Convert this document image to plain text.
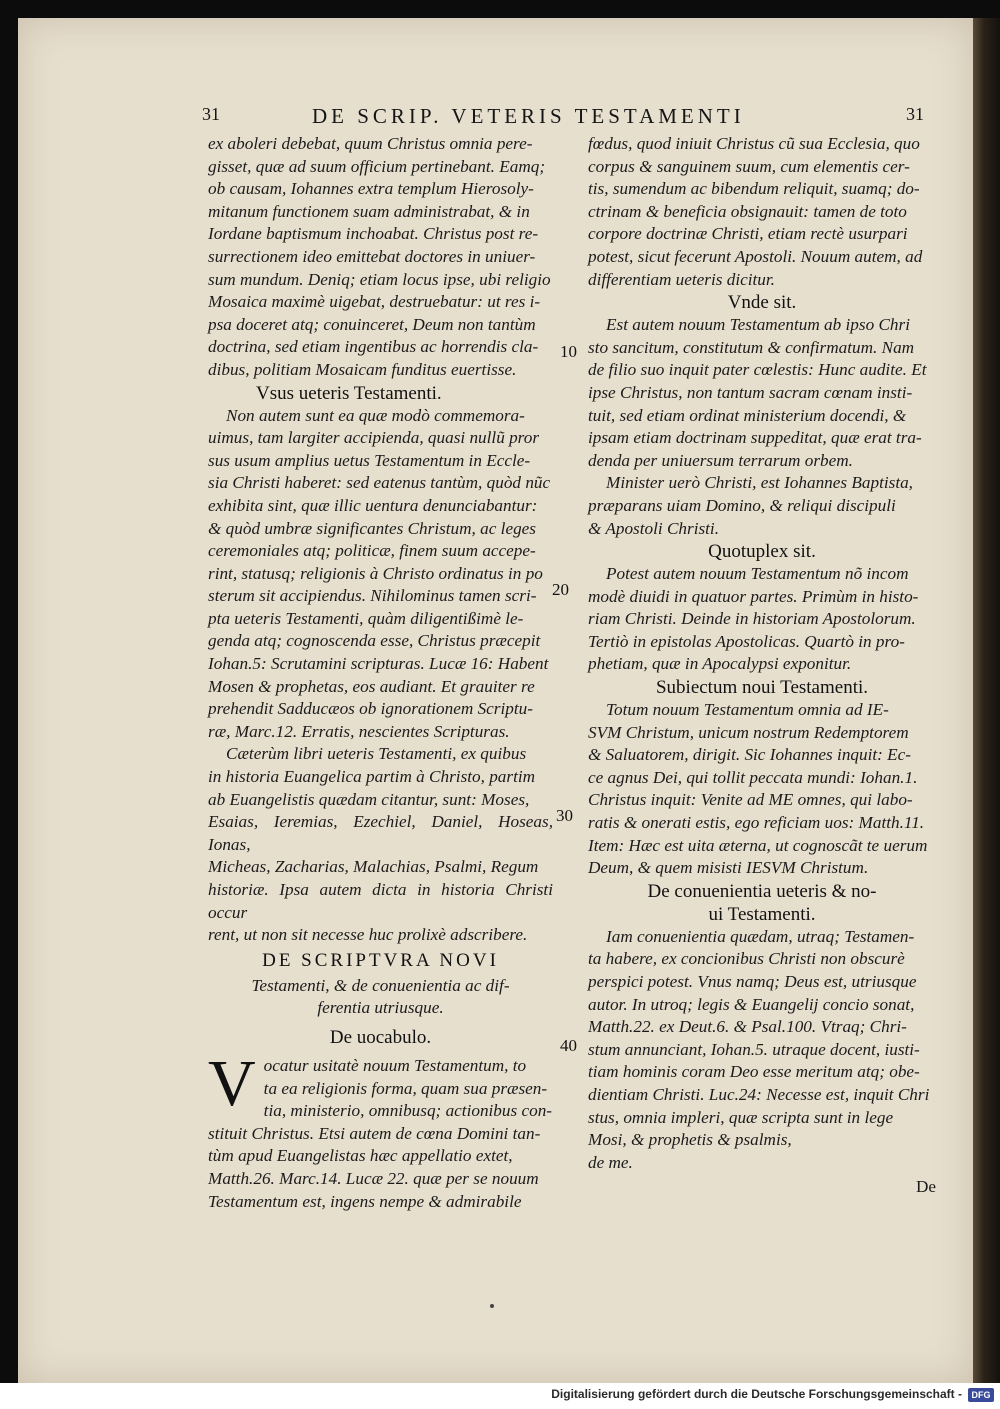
31	DE SCRIP. VETERIS TESTAMENTI	31

ex aboleri debebat, quum Christus omnia pere-
gisset, quæ ad suum officium pertinebant. Eamq;
ob causam, Iohannes extra templum Hierosoly-
mitanum functionem suam administrabat, & in
Iordane baptismum inchoabat. Christus post re-
surrectionem ideo emittebat doctores in uniuer-
sum mundum. Deniq; etiam locus ipse, ubi religio
Mosaica maximè uigebat, destruebatur: ut res i-
psa doceret atq; conuinceret, Deum non tantùm
doctrina, sed etiam ingentibus ac horrendis cla-
dibus, politiam Mosaicam funditus euertisse.

Vsus ueteris Testamenti.

Non autem sunt ea quæ modò commemora-
uimus, tam largiter accipienda, quasi nullũ pror
sus usum amplius uetus Testamentum in Eccle-
sia Christi haberet: sed eatenus tantùm, quòd nũc
exhibita sint, quæ illic uentura denunciabantur:
& quòd umbræ significantes Christum, ac leges
ceremoniales atq; politicæ, finem suum accepe-
rint, statusq; religionis à Christo ordinatus in po
sterum sit accipiendus. Nihilominus tamen scri-
pta ueteris Testamenti, quàm diligentißimè le-
genda atq; cognoscenda esse, Christus præcepit
Iohan.5: Scrutamini scripturas. Lucæ 16: Habent
Mosen & prophetas, eos audiant. Et grauiter re
prehendit Sadducæos ob ignorationem Scriptu-
ræ, Marc.12. Erratis, nescientes Scripturas.

Cæterùm libri ueteris Testamenti, ex quibus
in historia Euangelica partim à Christo, partim
ab Euangelistis quædam citantur, sunt: Moses,
Esaias, Ieremias, Ezechiel, Daniel, Hoseas, Ionas,
Micheas, Zacharias, Malachias, Psalmi, Regum
historiæ. Ipsa autem dicta in historia Christi occur
rent, ut non sit necesse huc prolixè adscribere.

DE SCRIPTVRA NOVI

Testamenti, & de conuenientia ac dif-
ferentia utriusque.

De uocabulo.

Vocatur usitatè nouum Testamentum, to
ta ea religionis forma, quam sua præsen-
tia, ministerio, omnibusq; actionibus con-
stituit Christus. Etsi autem de cœna Domini tan-
tùm apud Euangelistas hæc appellatio extet,
Matth.26. Marc.14. Lucæ 22. quæ per se nouum
Testamentum est, ingens nempe & admirabile

fœdus, quod iniuit Christus cũ sua Ecclesia, quo
corpus & sanguinem suum, cum elementis cer-
tis, sumendum ac bibendum reliquit, suamq; do-
ctrinam & beneficia obsignauit: tamen de toto
corpore doctrinæ Christi, etiam rectè usurpari
potest, sicut fecerunt Apostoli. Nouum autem, ad
differentiam ueteris dicitur.

Vnde sit.

Est autem nouum Testamentum ab ipso Chri
sto sancitum, constitutum & confirmatum. Nam
de filio suo inquit pater cœlestis: Hunc audite. Et
ipse Christus, non tantum sacram cœnam insti-
tuit, sed etiam ordinat ministerium docendi, &
ipsam etiam doctrinam suppeditat, quæ erat tra-
denda per uniuersum terrarum orbem.

Minister uerò Christi, est Iohannes Baptista,
præparans uiam Domino, & reliqui discipuli
& Apostoli Christi.

Quotuplex sit.

Potest autem nouum Testamentum nõ incom
modè diuidi in quatuor partes. Primùm in histo-
riam Christi. Deinde in historiam Apostolorum.
Tertiò in epistolas Apostolicas. Quartò in pro-
phetiam, quæ in Apocalypsi exponitur.

Subiectum noui Testamenti.

Totum nouum Testamentum omnia ad IE-
SVM Christum, unicum nostrum Redemptorem
& Saluatorem, dirigit. Sic Iohannes inquit: Ec-
ce agnus Dei, qui tollit peccata mundi: Iohan.1.
Christus inquit: Venite ad ME omnes, qui labo-
ratis & onerati estis, ego reficiam uos: Matth.11.
Item: Hæc est uita æterna, ut cognoscãt te uerum
Deum, & quem misisti IESVM Christum.

De conuenientia ueteris & no-
ui Testamenti.

Iam conuenientia quædam, utraq; Testamen-
ta habere, ex concionibus Christi non obscurè
perspici potest. Vnus namq; Deus est, utriusque
autor. In utroq; legis & Euangelij concio sonat,
Matth.22. ex Deut.6. & Psal.100. Vtraq; Chri-
stum annunciant, Iohan.5. utraque docent, iusti-
tiam hominis coram Deo esse meritum atq; obe-
dientiam Christi. Luc.24: Necesse est, inquit Chri
stus, omnia impleri, quæ scripta sunt in lege
Mosi, & prophetis & psalmis,
de me.

De

10
20
30
40
Digitalisierung gefördert durch die Deutsche Forschungsgemeinschaft -	DFG
